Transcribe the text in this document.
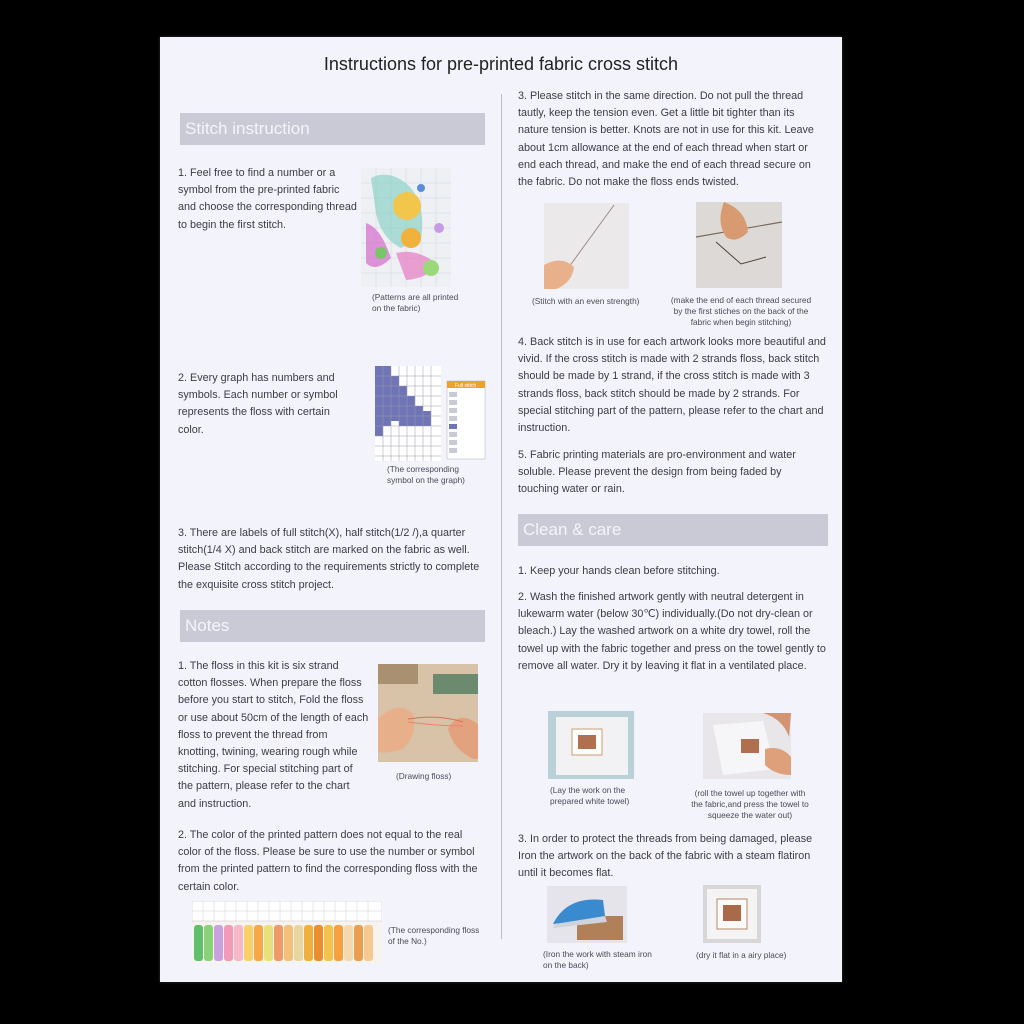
Instructions for pre-printed fabric cross stitch
Stitch instruction
1. Feel free to find a number or a symbol from the pre-printed fabric and choose the corresponding thread to begin the first stitch.
(Patterns are all printed on the fabric)
2. Every graph has numbers and symbols. Each number or symbol represents the floss with certain color.
Full stitch
(The corresponding symbol on the graph)
3. There are labels of full stitch(X), half stitch(1/2 /),a quarter stitch(1/4 X) and back stitch are marked on the fabric as well. Please Stitch according to the requirements strictly to complete the exquisite cross stitch project.
Notes
1. The floss in this kit is six strand cotton flosses. When prepare the floss before you start to stitch, Fold the floss or use about 50cm of the length of each floss to prevent the thread from knotting, twining, wearing rough while stitching. For special stitching part of the pattern, please refer to the chart and instruction.
(Drawing floss)
2. The color of the printed pattern does not equal to the real color of the floss. Please be sure to use the number or symbol from the printed pattern to find the corresponding floss with the certain color.
(The corresponding floss of the No.)
3. Please stitch in the same direction. Do not pull the thread tautly, keep the tension even. Get a little bit tighter than its nature tension is better. Knots are not in use for this kit. Leave about 1cm allowance at the end of each thread when start or end each thread, and make the end of each thread secure on the fabric. Do not make the floss ends twisted.
(Stitch with an even strength)	(make the end of each thread secured by the first stiches on the back of the fabric when begin stitching)
4. Back stitch is in use for each artwork looks more beautiful and vivid. If the cross stitch is made with 2 strands floss, back stitch should be made by 1 strand, if the cross stitch is made with 3 strands floss, back stitch should be made by 2 strands. For special stitching part of the pattern, please refer to the chart and instruction.
5. Fabric printing materials are pro-environment and water soluble. Please prevent the design from being faded by touching water or rain.
Clean & care
1. Keep your hands clean before stitching.
2. Wash the finished artwork gently with neutral detergent in lukewarm water (below 30℃) individually.(Do not dry-clean or bleach.) Lay the washed artwork on a white dry towel, roll the towel up with the fabric together and press on the towel gently to remove all water. Dry it by leaving it flat in a ventilated place.
(Lay the work on the prepared white towel)
(roll the towel up together with the fabric,and press the towel to squeeze the water out)
3. In order to protect the threads from being damaged, please Iron the artwork on the back of the fabric with a steam flatiron until it becomes flat.
(Iron the work with steam iron on the back)
(dry it flat in a airy place)
